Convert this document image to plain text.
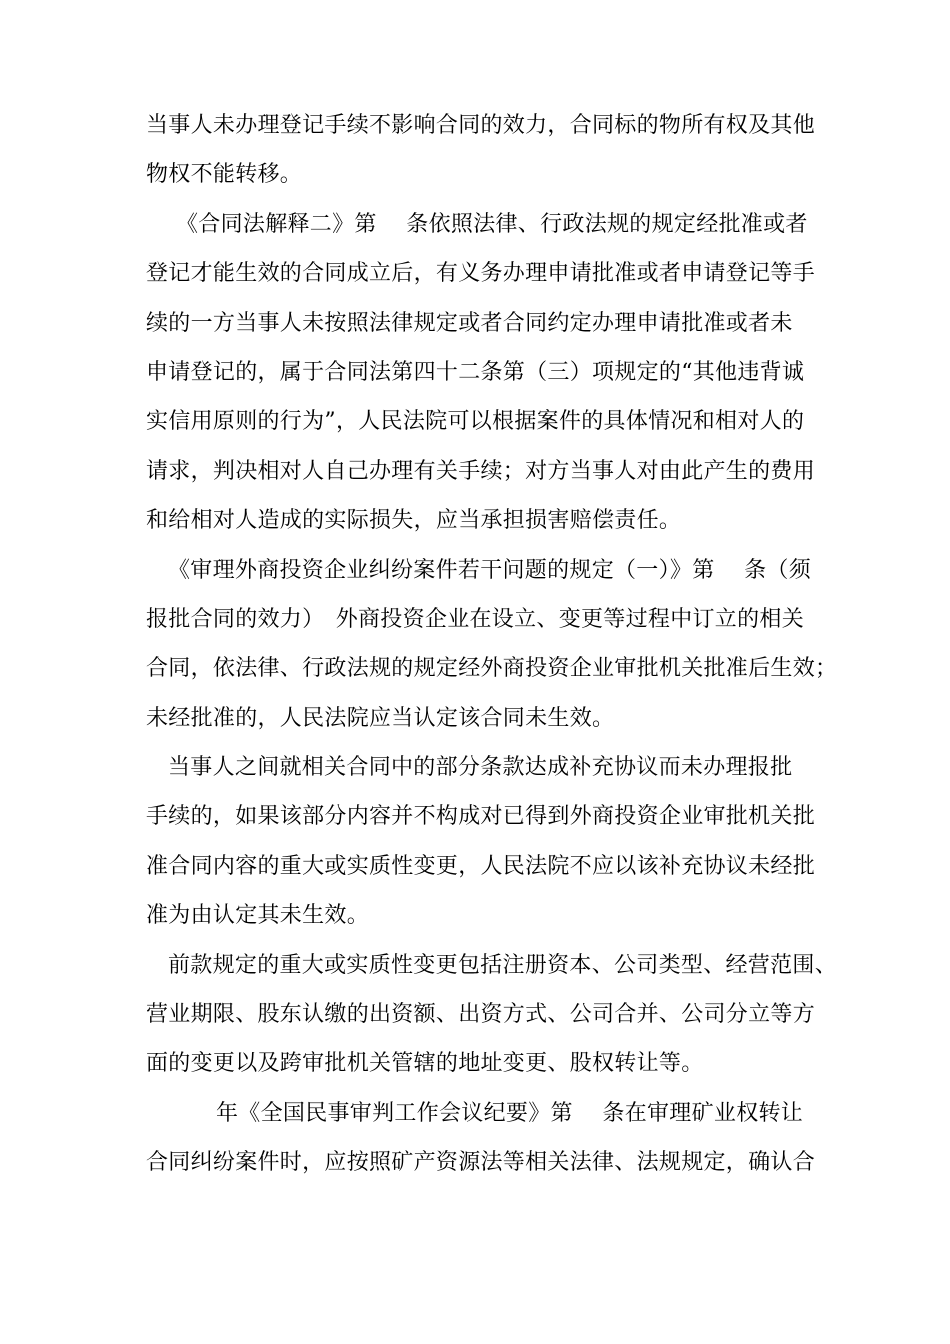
当事人未办理登记手续不影响合同的效力，合同标的物所有权及其他
物权不能转移。
《合同法解释二》第　 条依照法律、行政法规的规定经批准或者
登记才能生效的合同成立后，有义务办理申请批准或者申请登记等手
续的一方当事人未按照法律规定或者合同约定办理申请批准或者未
申请登记的，属于合同法第四十二条第（三）项规定的“其他违背诚
实信用原则的行为”，人民法院可以根据案件的具体情况和相对人的
请求，判决相对人自己办理有关手续；对方当事人对由此产生的费用
和给相对人造成的实际损失，应当承担损害赔偿责任。
《审理外商投资企业纠纷案件若干问题的规定（一）》第　 条（须
报批合同的效力）　外商投资企业在设立、变更等过程中订立的相关
合同，依法律、行政法规的规定经外商投资企业审批机关批准后生效；
未经批准的，人民法院应当认定该合同未生效。
当事人之间就相关合同中的部分条款达成补充协议而未办理报批
手续的，如果该部分内容并不构成对已得到外商投资企业审批机关批
准合同内容的重大或实质性变更，人民法院不应以该补充协议未经批
准为由认定其未生效。
前款规定的重大或实质性变更包括注册资本、公司类型、经营范围、
营业期限、股东认缴的出资额、出资方式、公司合并、公司分立等方
面的变更以及跨审批机关管辖的地址变更、股权转让等。
年《全国民事审判工作会议纪要》第　 条在审理矿业权转让
合同纠纷案件时，应按照矿产资源法等相关法律、法规规定，确认合
